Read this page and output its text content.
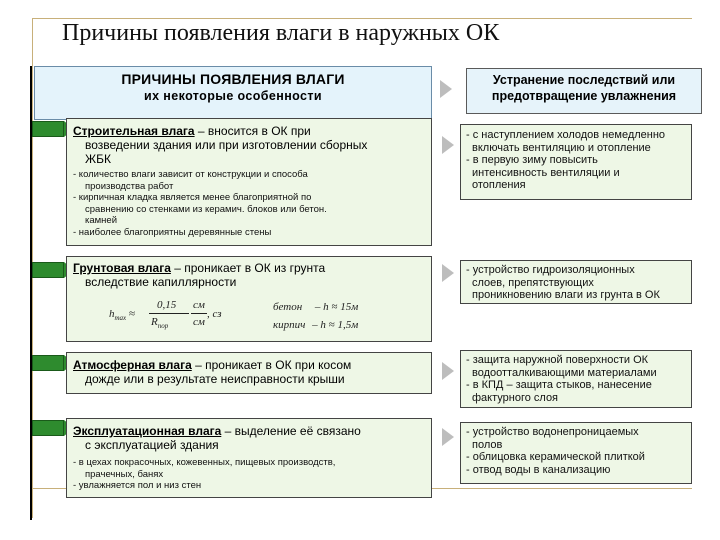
Причины появления влаги в наружных ОК
ПРИЧИНЫ ПОЯВЛЕНИЯ ВЛАГИ
их некоторые особенности
Устранение последствий или
предотвращение увлажнения
Строительная влага – вносится в ОК при
возведении здания или при изготовлении сборных
ЖБК
- количество влаги зависит от конструкции и способа
производства работ
- кирпичная кладка является менее благоприятной по
сравнению со стенками из керамич. блоков или бетон.
камней
- наиболее благоприятны деревянные стены
- с наступлением холодов немедленно
включать вентиляцию и отопление
- в первую зиму повысить
интенсивность вентиляции и
отопления
Грунтовая влага – проникает в ОК из грунта
вследствие капиллярности
$h_{max}$ ≈
0,15
$R_{пор}$
см
см
, сз
бетон – h ≈ 15м
кирпич – h ≈ 1,5м
- устройство гидроизоляционных
слоев, препятствующих
проникновению влаги из грунта в ОК
Атмосферная влага – проникает в ОК при косом
дожде или в результате неисправности крыши
- защита наружной поверхности ОК
водоотталкивающими материалами
- в КПД – защита стыков, нанесение
фактурного слоя
Эксплуатационная влага – выделение её связано
с эксплуатацией здания
- в цехах покрасочных, кожевенных, пищевых производств,
прачечных, банях
- увлажняется пол и низ стен
- устройство водонепроницаемых
полов
- облицовка керамической плиткой
- отвод воды в канализацию
